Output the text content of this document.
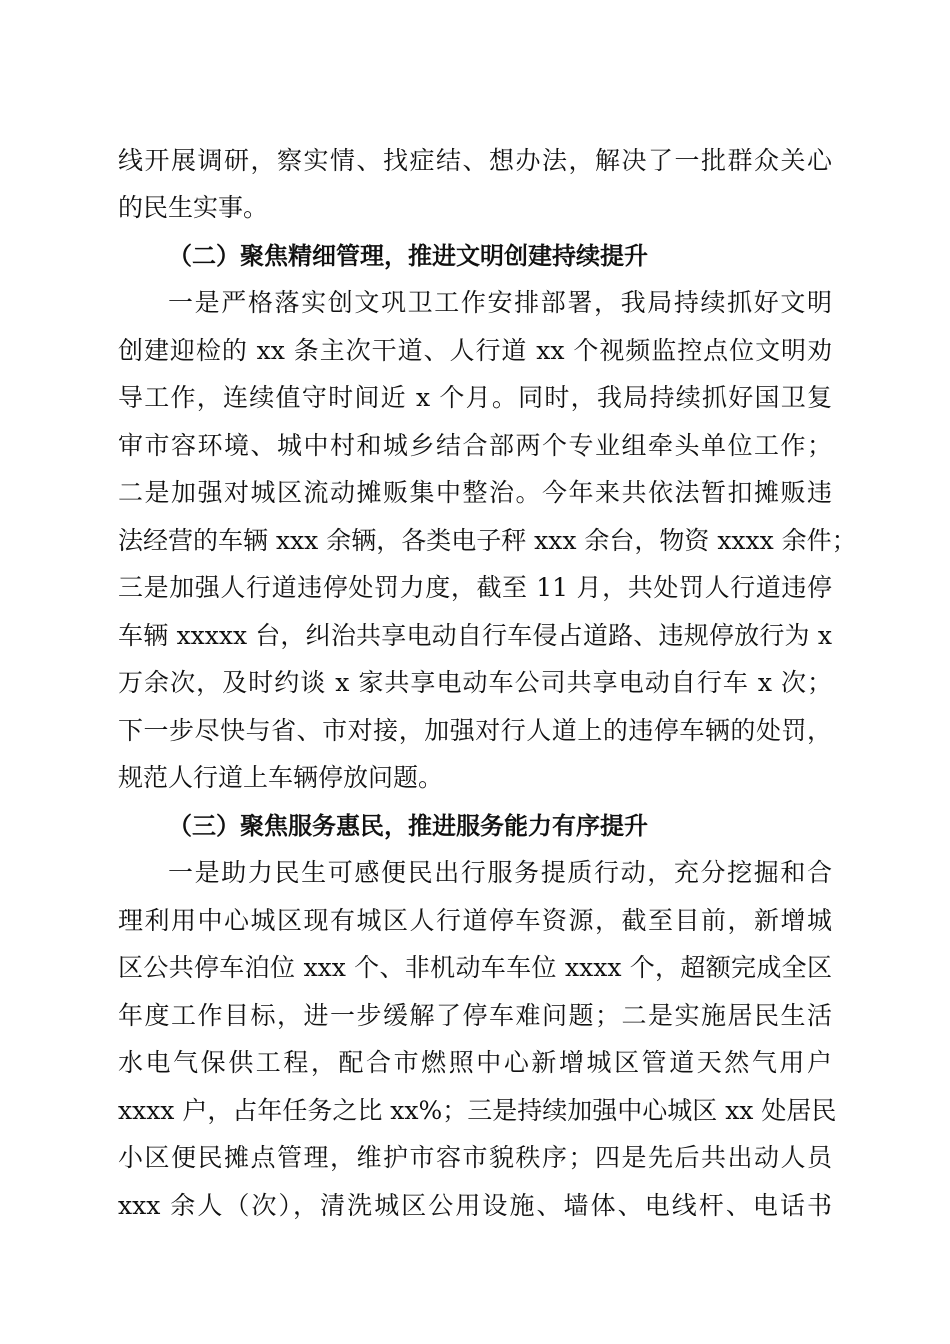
线开展调研，察实情、找症结、想办法，解决了一批群众关心
的民生实事。
（二）聚焦精细管理，推进文明创建持续提升
一是严格落实创文巩卫工作安排部署，我局持续抓好文明
创建迎检的 xx 条主次干道、人行道 xx 个视频监控点位文明劝
导工作，连续值守时间近 x 个月。同时，我局持续抓好国卫复
审市容环境、城中村和城乡结合部两个专业组牵头单位工作；
二是加强对城区流动摊贩集中整治。今年来共依法暂扣摊贩违
法经营的车辆 xxx 余辆，各类电子秤 xxx 余台，物资 xxxx 余件；
三是加强人行道违停处罚力度，截至 11 月，共处罚人行道违停
车辆 xxxxx 台，纠治共享电动自行车侵占道路、违规停放行为 x
万余次，及时约谈 x 家共享电动车公司共享电动自行车 x 次；
下一步尽快与省、市对接，加强对行人道上的违停车辆的处罚，
规范人行道上车辆停放问题。
（三）聚焦服务惠民，推进服务能力有序提升
一是助力民生可感便民出行服务提质行动，充分挖掘和合
理利用中心城区现有城区人行道停车资源，截至目前，新增城
区公共停车泊位 xxx 个、非机动车车位 xxxx 个，超额完成全区
年度工作目标，进一步缓解了停车难问题；二是实施居民生活
水电气保供工程，配合市燃照中心新增城区管道天然气用户
xxxx 户，占年任务之比 xx%；三是持续加强中心城区 xx 处居民
小区便民摊点管理，维护市容市貌秩序；四是先后共出动人员
xxx 余人（次），清洗城区公用设施、墙体、电线杆、电话书
